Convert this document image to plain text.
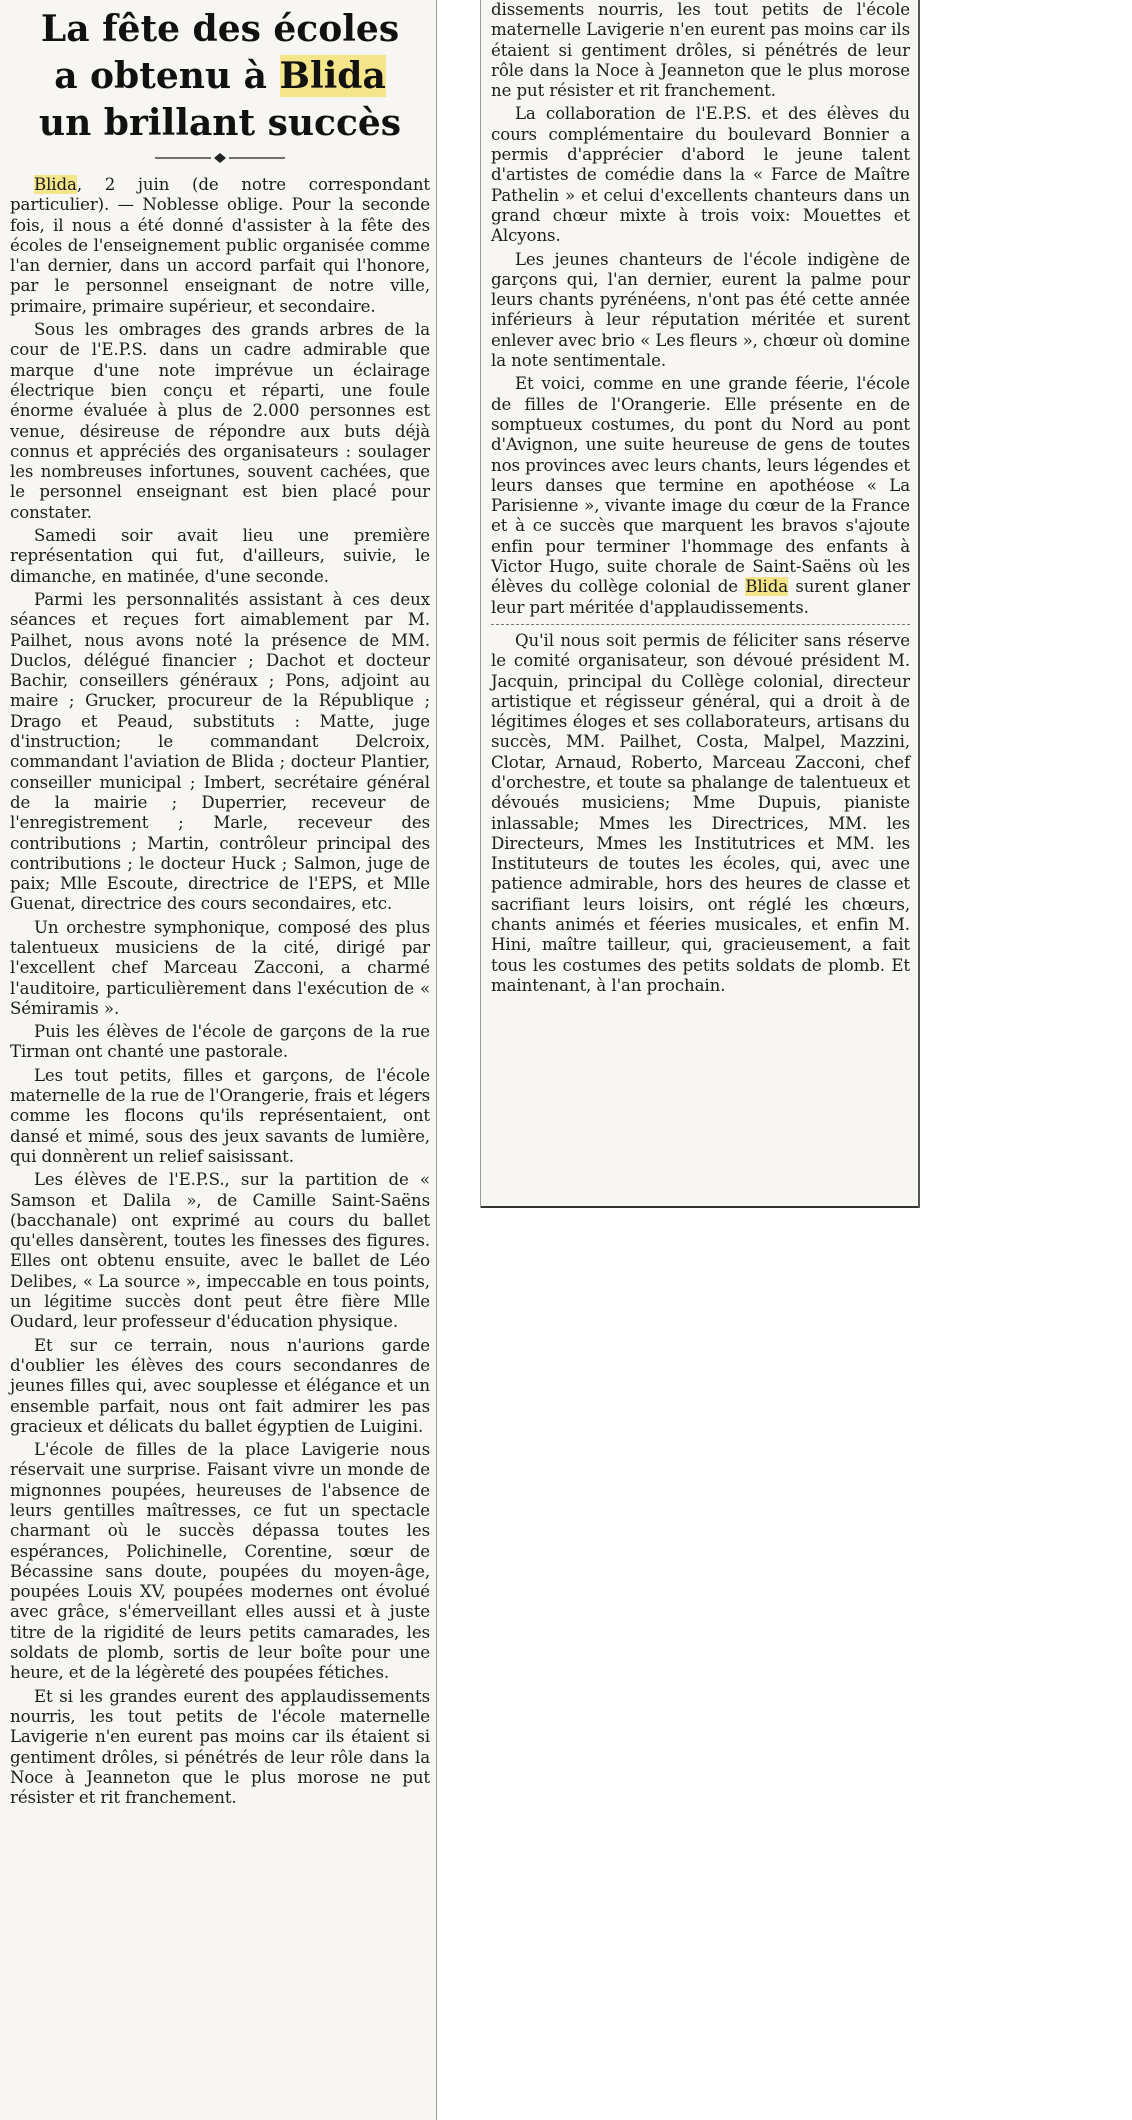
La fête des écoles
a obtenu à Blida
un brillant succès

Blida, 2 juin (de notre correspondant particulier). — Noblesse oblige. Pour la seconde fois, il nous a été donné d'assister à la fête des écoles de l'enseignement public organisée comme l'an dernier, dans un accord parfait qui l'honore, par le personnel enseignant de notre ville, primaire, primaire supérieur, et secondaire.

Sous les ombrages des grands arbres de la cour de l'E.P.S. dans un cadre admirable que marque d'une note imprévue un éclairage électrique bien conçu et réparti, une foule énorme évaluée à plus de 2.000 personnes est venue, désireuse de répondre aux buts déjà connus et appréciés des organisateurs : soulager les nombreuses infortunes, souvent cachées, que le personnel enseignant est bien placé pour constater.

Samedi soir avait lieu une première représentation qui fut, d'ailleurs, suivie, le dimanche, en matinée, d'une seconde.

Parmi les personnalités assistant à ces deux séances et reçues fort aimablement par M. Pailhet, nous avons noté la présence de MM. Duclos, délégué financier ; Dachot et docteur Bachir, conseillers généraux ; Pons, adjoint au maire ; Grucker, procureur de la République ; Drago et Peaud, substituts : Matte, juge d'instruction; le commandant Delcroix, commandant l'aviation de Blida ; docteur Plantier, conseiller municipal ; Imbert, secrétaire général de la mairie ; Duperrier, receveur de l'enregistrement ; Marle, receveur des contributions ; Martin, contrôleur principal des contributions ; le docteur Huck ; Salmon, juge de paix; Mlle Escoute, directrice de l'EPS, et Mlle Guenat, directrice des cours secondaires, etc.

Un orchestre symphonique, composé des plus talentueux musiciens de la cité, dirigé par l'excellent chef Marceau Zacconi, a charmé l'auditoire, particulièrement dans l'exécution de « Sémiramis ».

Puis les élèves de l'école de garçons de la rue Tirman ont chanté une pastorale.

Les tout petits, filles et garçons, de l'école maternelle de la rue de l'Orangerie, frais et légers comme les flocons qu'ils représentaient, ont dansé et mimé, sous des jeux savants de lumière, qui donnèrent un relief saisissant.

Les élèves de l'E.P.S., sur la partition de « Samson et Dalila », de Camille Saint-Saëns (bacchanale) ont exprimé au cours du ballet qu'elles dansèrent, toutes les finesses des figures. Elles ont obtenu ensuite, avec le ballet de Léo Delibes, « La source », impeccable en tous points, un légitime succès dont peut être fière Mlle Oudard, leur professeur d'éducation physique.

Et sur ce terrain, nous n'aurions garde d'oublier les élèves des cours secondanres de jeunes filles qui, avec souplesse et élégance et un ensemble parfait, nous ont fait admirer les pas gracieux et délicats du ballet égyptien de Luigini.

L'école de filles de la place Lavigerie nous réservait une surprise. Faisant vivre un monde de mignonnes poupées, heureuses de l'absence de leurs gentilles maîtresses, ce fut un spectacle charmant où le succès dépassa toutes les espérances, Polichinelle, Corentine, sœur de Bécassine sans doute, poupées du moyen-âge, poupées Louis XV, poupées modernes ont évolué avec grâce, s'émerveillant elles aussi et à juste titre de la rigidité de leurs petits camarades, les soldats de plomb, sortis de leur boîte pour une heure, et de la légèreté des poupées fétiches.

Et si les grandes eurent des applaudissements nourris, les tout petits de l'école maternelle Lavigerie n'en eurent pas moins car ils étaient si gentiment drôles, si pénétrés de leur rôle dans la Noce à Jeanneton que le plus morose ne put résister et rit franchement.

dissements nourris, les tout petits de l'école maternelle Lavigerie n'en eurent pas moins car ils étaient si gentiment drôles, si pénétrés de leur rôle dans la Noce à Jeanneton que le plus morose ne put résister et rit franchement.

La collaboration de l'E.P.S. et des élèves du cours complémentaire du boulevard Bonnier a permis d'apprécier d'abord le jeune talent d'artistes de comédie dans la « Farce de Maître Pathelin » et celui d'excellents chanteurs dans un grand chœur mixte à trois voix: Mouettes et Alcyons.

Les jeunes chanteurs de l'école indigène de garçons qui, l'an dernier, eurent la palme pour leurs chants pyrénéens, n'ont pas été cette année inférieurs à leur réputation méritée et surent enlever avec brio « Les fleurs », chœur où domine la note sentimentale.

Et voici, comme en une grande féerie, l'école de filles de l'Orangerie. Elle présente en de somptueux costumes, du pont du Nord au pont d'Avignon, une suite heureuse de gens de toutes nos provinces avec leurs chants, leurs légendes et leurs danses que termine en apothéose « La Parisienne », vivante image du cœur de la France et à ce succès que marquent les bravos s'ajoute enfin pour terminer l'hommage des enfants à Victor Hugo, suite chorale de Saint-Saëns où les élèves du collège colonial de Blida surent glaner leur part méritée d'applaudissements.

Qu'il nous soit permis de féliciter sans réserve le comité organisateur, son dévoué président M. Jacquin, principal du Collège colonial, directeur artistique et régisseur général, qui a droit à de légitimes éloges et ses collaborateurs, artisans du succès, MM. Pailhet, Costa, Malpel, Mazzini, Clotar, Arnaud, Roberto, Marceau Zacconi, chef d'orchestre, et toute sa phalange de talentueux et dévoués musiciens; Mme Dupuis, pianiste inlassable; Mmes les Directrices, MM. les Directeurs, Mmes les Institutrices et MM. les Instituteurs de toutes les écoles, qui, avec une patience admirable, hors des heures de classe et sacrifiant leurs loisirs, ont réglé les chœurs, chants animés et féeries musicales, et enfin M. Hini, maître tailleur, qui, gracieusement, a fait tous les costumes des petits soldats de plomb. Et maintenant, à l'an prochain.
